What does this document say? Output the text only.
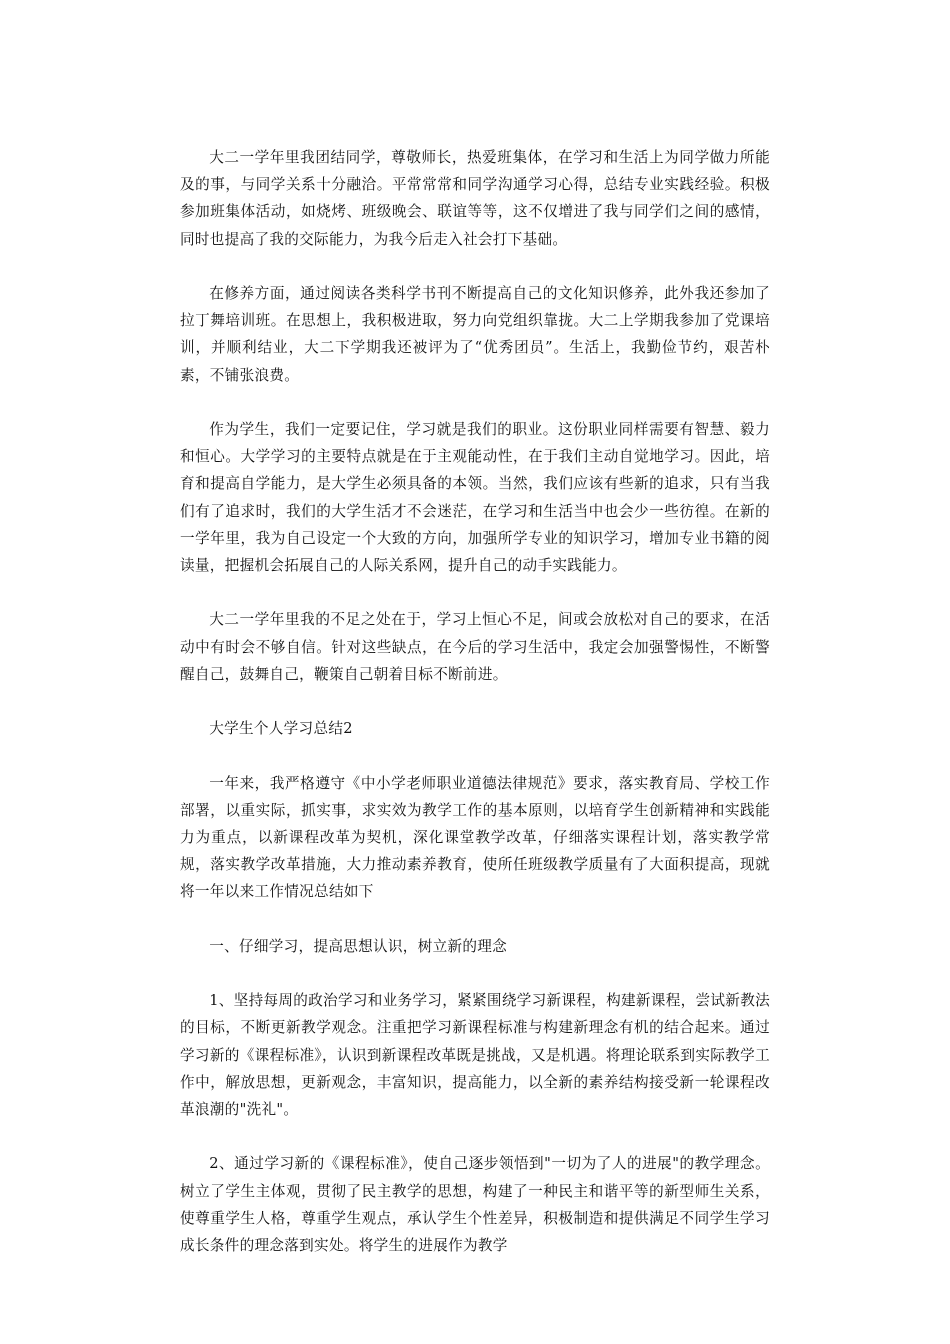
大二一学年里我团结同学，尊敬师长，热爱班集体，在学习和生活上为同学做力所能及的事，与同学关系十分融洽。平常常常和同学沟通学习心得，总结专业实践经验。积极参加班集体活动，如烧烤、班级晚会、联谊等等，这不仅增进了我与同学们之间的感情，同时也提高了我的交际能力，为我今后走入社会打下基础。

在修养方面，通过阅读各类科学书刊不断提高自己的文化知识修养，此外我还参加了拉丁舞培训班。在思想上，我积极进取，努力向党组织靠拢。大二上学期我参加了党课培训，并顺利结业，大二下学期我还被评为了“优秀团员”。生活上，我勤俭节约，艰苦朴素，不铺张浪费。

作为学生，我们一定要记住，学习就是我们的职业。这份职业同样需要有智慧、毅力和恒心。大学学习的主要特点就是在于主观能动性，在于我们主动自觉地学习。因此，培育和提高自学能力，是大学生必须具备的本领。当然，我们应该有些新的追求，只有当我们有了追求时，我们的大学生活才不会迷茫，在学习和生活当中也会少一些彷徨。在新的一学年里，我为自己设定一个大致的方向，加强所学专业的知识学习，增加专业书籍的阅读量，把握机会拓展自己的人际关系网，提升自己的动手实践能力。

大二一学年里我的不足之处在于，学习上恒心不足，间或会放松对自己的要求，在活动中有时会不够自信。针对这些缺点，在今后的学习生活中，我定会加强警惕性，不断警醒自己，鼓舞自己，鞭策自己朝着目标不断前进。

大学生个人学习总结2

一年来，我严格遵守《中小学老师职业道德法律规范》要求，落实教育局、学校工作部署，以重实际，抓实事，求实效为教学工作的基本原则，以培育学生创新精神和实践能力为重点，以新课程改革为契机，深化课堂教学改革，仔细落实课程计划，落实教学常规，落实教学改革措施，大力推动素养教育，使所任班级教学质量有了大面积提高，现就将一年以来工作情况总结如下

一、仔细学习，提高思想认识，树立新的理念

1、坚持每周的政治学习和业务学习，紧紧围绕学习新课程，构建新课程，尝试新教法的目标，不断更新教学观念。注重把学习新课程标准与构建新理念有机的结合起来。通过学习新的《课程标准》，认识到新课程改革既是挑战，又是机遇。将理论联系到实际教学工作中，解放思想，更新观念，丰富知识，提高能力，以全新的素养结构接受新一轮课程改革浪潮的"洗礼"。

2、通过学习新的《课程标准》，使自己逐步领悟到"一切为了人的进展"的教学理念。树立了学生主体观，贯彻了民主教学的思想，构建了一种民主和谐平等的新型师生关系，使尊重学生人格，尊重学生观点，承认学生个性差异，积极制造和提供满足不同学生学习成长条件的理念落到实处。将学生的进展作为教学
